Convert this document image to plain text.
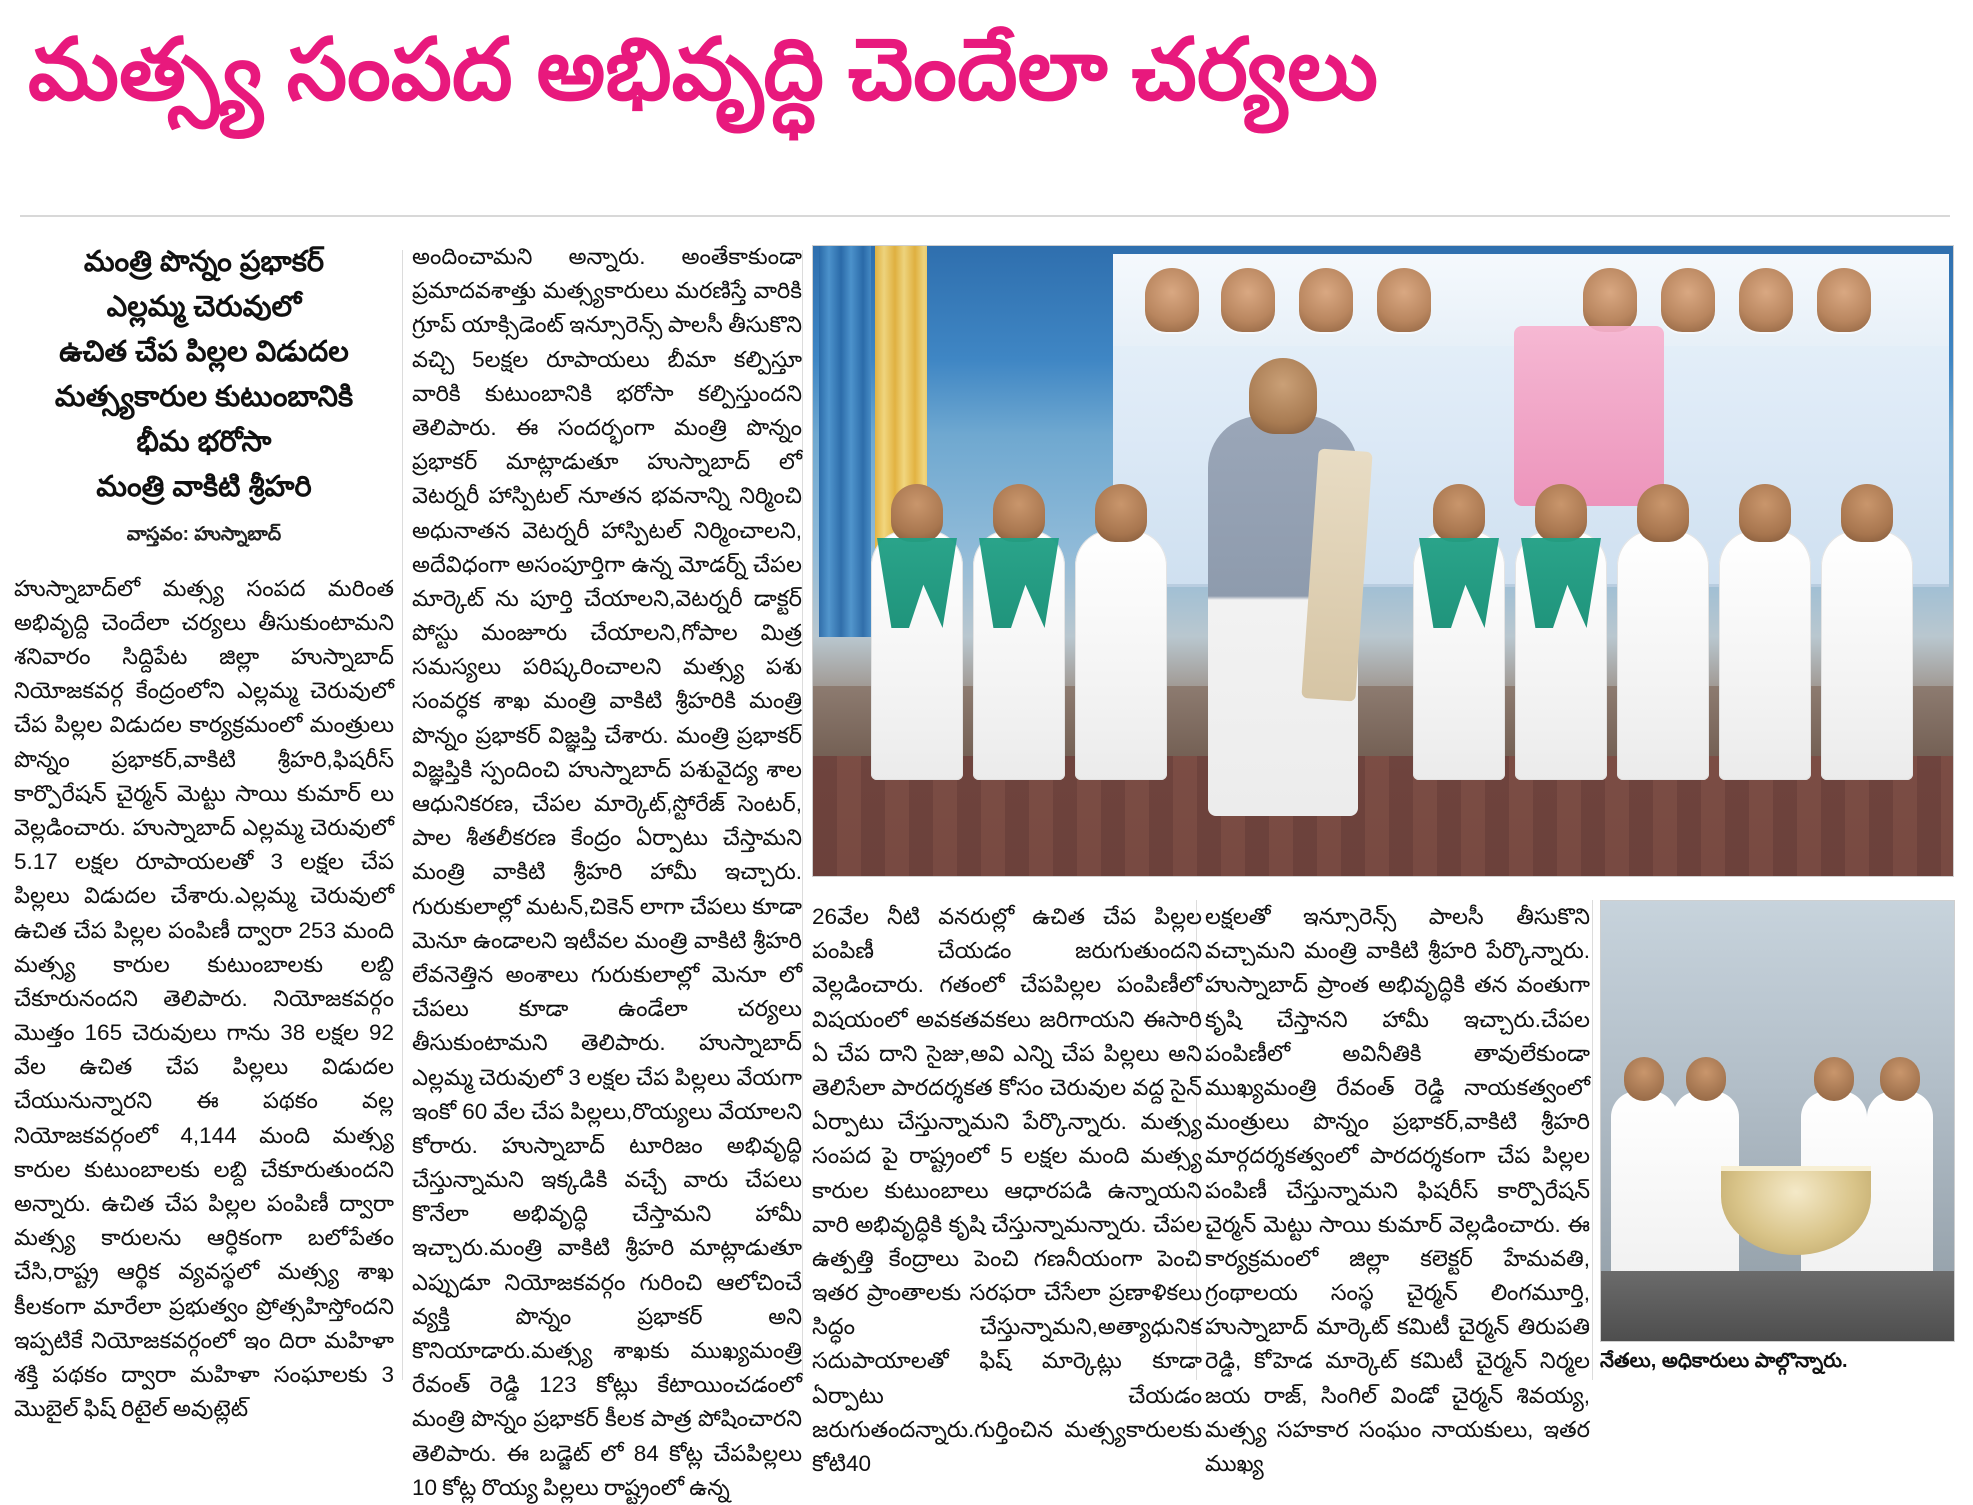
మత్స్య సంపద అభివృద్ధి చెందేలా చర్యలు
మంత్రి పొన్నం ప్రభాకర్
ఎల్లమ్మ చెరువులో
ఉచిత చేప పిల్లల విడుదల
మత్స్యకారుల కుటుంబానికి
భీమ భరోసా
మంత్రి వాకిటి శ్రీహరి
వాస్తవం: హుస్నాబాద్
హుస్నాబాద్‌లో మత్స్య సంపద మరింత అభివృద్ది చెందేలా చర్యలు తీసుకుంటామని శనివారం సిద్దిపేట జిల్లా హుస్నాబాద్ నియోజకవర్గ కేంద్రంలోని ఎల్లమ్మ చెరువులో చేప పిల్లల విడుదల కార్యక్రమంలో మంత్రులు పొన్నం ప్రభాకర్,వాకిటి శ్రీహరి,ఫిషరీస్ కార్పొరేషన్ చైర్మన్ మెట్టు సాయి కుమార్ లు వెల్లడించారు. హుస్నాబాద్ ఎల్లమ్మ చెరువులో 5.17 లక్షల రూపాయలతో 3 లక్షల చేప పిల్లలు విడుదల చేశారు.ఎల్లమ్మ చెరువులో ఉచిత చేప పిల్లల పంపిణీ ద్వారా 253 మంది మత్స్య కారుల కుటుంబాలకు లబ్ది చేకూరునందని తెలిపారు. నియోజకవర్గం మొత్తం 165 చెరువులు గాను 38 లక్షల 92 వేల ఉచిత చేప పిల్లలు విడుదల చేయునున్నారని ఈ పథకం వల్ల నియోజకవర్గంలో 4,144 మంది మత్స్య కారుల కుటుంబాలకు లబ్ది చేకూరుతుందని అన్నారు. ఉచిత చేప పిల్లల పంపిణీ ద్వారా మత్స్య కారులను ఆర్ధికంగా బలోపేతం చేసి,రాష్ట్ర ఆర్థిక వ్యవస్థలో మత్స్య శాఖ కీలకంగా మారేలా ప్రభుత్వం ప్రోత్సహిస్తోందని ఇప్పటికే నియోజకవర్గంలో ఇం దిరా మహిళా శక్తి పథకం ద్వారా మహిళా సంఘాలకు 3 మొబైల్ ఫిష్ రిటైల్ అవుట్లెట్
అందించామని అన్నారు. అంతేకాకుండా ప్రమాదవశాత్తు మత్స్యకారులు మరణిస్తే వారికి గ్రూప్ యాక్సిడెంట్ ఇన్సూరెన్స్ పాలసీ తీసుకొని వచ్చి 5లక్షల రూపాయలు బీమా కల్పిస్తూ వారికి కుటుంబానికి భరోసా కల్పిస్తుందని తెలిపారు. ఈ సందర్భంగా మంత్రి పొన్నం ప్రభాకర్ మాట్లాడుతూ హుస్నాబాద్ లో వెటర్నరీ హాస్పిటల్ నూతన భవనాన్ని నిర్మించి అధునాతన వెటర్నరీ హాస్పిటల్ నిర్మించాలని, అదేవిధంగా అసంపూర్తిగా ఉన్న మోడర్న్ చేపల మార్కెట్ ను పూర్తి చేయాలని,వెటర్నరీ డాక్టర్ పోస్టు మంజూరు చేయాలని,గోపాల మిత్ర సమస్యలు పరిష్కరించాలని మత్స్య పశు సంవర్ధక శాఖ మంత్రి వాకిటి శ్రీహరికి మంత్రి పొన్నం ప్రభాకర్ విజ్ఞప్తి చేశారు. మంత్రి ప్రభాకర్ విజ్ఞప్తికి స్పందించి హుస్నాబాద్ పశువైద్య శాల ఆధునికరణ, చేపల మార్కెట్,స్టోరేజ్ సెంటర్, పాల శీతలీకరణ కేంద్రం ఏర్పాటు చేస్తామని మంత్రి వాకిటి శ్రీహరి హామీ ఇచ్చారు. గురుకులాల్లో మటన్,చికెన్ లాగా చేపలు కూడా మెనూ ఉండాలని ఇటీవల మంత్రి వాకిటి శ్రీహరి లేవనెత్తిన అంశాలు గురుకులాల్లో మెనూ లో చేపలు కూడా ఉండేలా చర్యలు తీసుకుంటామని తెలిపారు. హుస్నాబాద్ ఎల్లమ్మ చెరువులో 3 లక్షల చేప పిల్లలు వేయగా ఇంకో 60 వేల చేప పిల్లలు,రొయ్యలు వేయాలని కోరారు. హుస్నాబాద్ టూరిజం అభివృద్ధి చేస్తున్నామని ఇక్కడికి వచ్చే వారు చేపలు కొనేలా అభివృద్ధి చేస్తామని హామీ ఇచ్చారు.మంత్రి వాకిటి శ్రీహరి మాట్లాడుతూ ఎప్పుడూ నియోజకవర్గం గురించి ఆలోచించే వ్యక్తి పొన్నం ప్రభాకర్ అని కొనియాడారు.మత్స్య శాఖకు ముఖ్యమంత్రి రేవంత్ రెడ్డి 123 కోట్లు కేటాయించడంలో మంత్రి పొన్నం ప్రభాకర్ కీలక పాత్ర పోషించారని తెలిపారు. ఈ బడ్జెట్ లో 84 కోట్ల చేపపిల్లలు 10 కోట్ల రొయ్య పిల్లలు రాష్ట్రంలో ఉన్న
26వేల నీటి వనరుల్లో ఉచిత చేప పిల్లల పంపిణీ చేయడం జరుగుతుందని వెల్లడించారు. గతంలో చేపపిల్లల పంపిణీలో విషయంలో అవకతవకలు జరిగాయని ఈసారి ఏ చేప దాని సైజు,అవి ఎన్ని చేప పిల్లలు అని తెలిసేలా పారదర్శకత కోసం చెరువుల వద్ద సైన్ ఏర్పాటు చేస్తున్నామని పేర్కొన్నారు. మత్స్య సంపద పై రాష్ట్రంలో 5 లక్షల మంది మత్స్య కారుల కుటుంబాలు ఆధారపడి ఉన్నాయని వారి అభివృద్ధికి కృషి చేస్తున్నామన్నారు. చేపల ఉత్పత్తి కేంద్రాలు పెంచి గణనీయంగా పెంచి ఇతర ప్రాంతాలకు సరఫరా చేసేలా ప్రణాళికలు సిద్ధం చేస్తున్నామని,అత్యాధునిక సదుపాయాలతో ఫిష్ మార్కెట్లు కూడా ఏర్పాటు చేయడం జరుగుతందన్నారు.గుర్తించిన మత్స్యకారులకు కోటి40
లక్షలతో ఇన్సూరెన్స్ పాలసీ తీసుకొని వచ్చామని మంత్రి వాకిటి శ్రీహరి పేర్కొన్నారు. హుస్నాబాద్ ప్రాంత అభివృద్ధికి తన వంతుగా కృషి చేస్తానని హామీ ఇచ్చారు.చేపల పంపిణీలో అవినీతికి తావులేకుండా ముఖ్యమంత్రి రేవంత్ రెడ్డి నాయకత్వంలో మంత్రులు పొన్నం ప్రభాకర్,వాకిటి శ్రీహరి మార్గదర్శకత్వంలో పారదర్శకంగా చేప పిల్లల పంపిణీ చేస్తున్నామని ఫిషరీస్ కార్పొరేషన్ చైర్మన్ మెట్టు సాయి కుమార్ వెల్లడించారు. ఈ కార్యక్రమంలో జిల్లా కలెక్టర్ హేమవతి, గ్రంథాలయ సంస్థ చైర్మన్ లింగమూర్తి, హుస్నాబాద్ మార్కెట్ కమిటీ చైర్మన్ తిరుపతి రెడ్డి, కోహెడ మార్కెట్ కమిటీ చైర్మన్ నిర్మల జయ రాజ్, సింగిల్ విండో చైర్మన్ శివయ్య, మత్స్య సహకార సంఘం నాయకులు, ఇతర ముఖ్య
నేతలు, అధికారులు పాల్గొన్నారు.
